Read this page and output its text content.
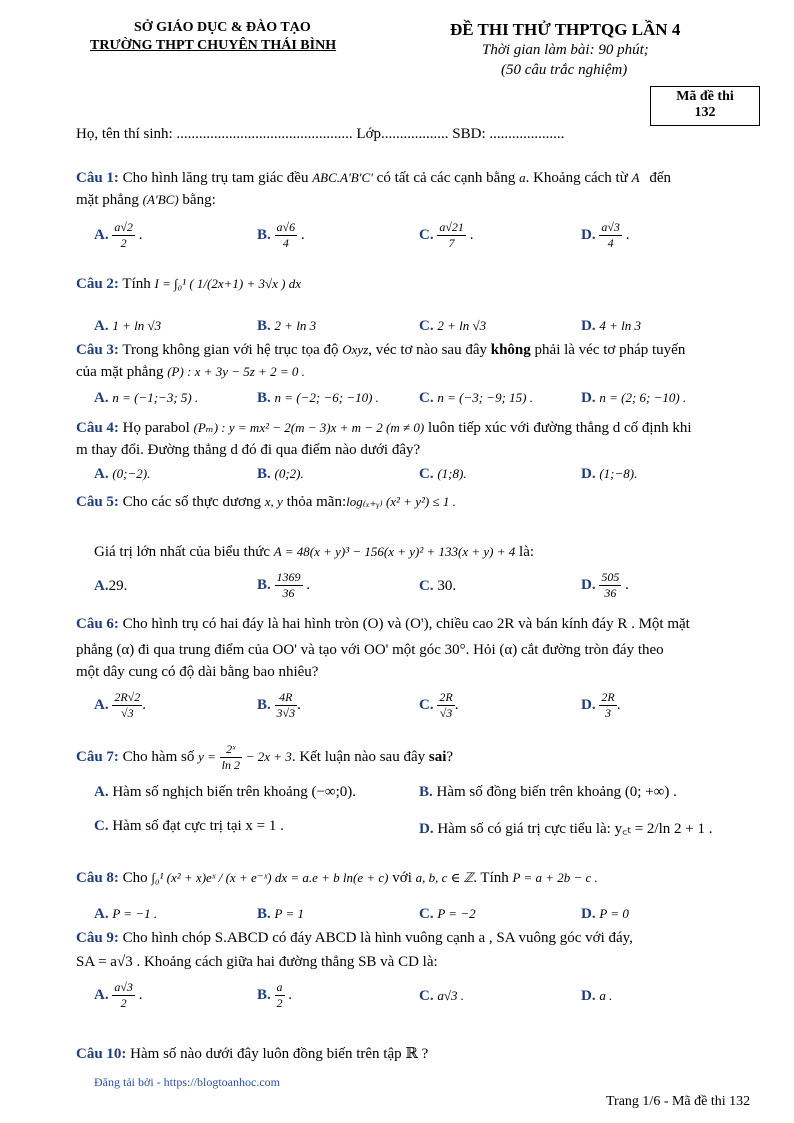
SỞ GIÁO DỤC & ĐÀO TẠO
TRƯỜNG THPT CHUYÊN THÁI BÌNH
ĐỀ THI THỬ THPTQG LẦN 4
Thời gian làm bài: 90 phút;
(50 câu trắc nghiệm)
Mã đề thi
132
Họ, tên thí sinh: ............................................... Lớp.................. SBD: ....................
Câu 1: Cho hình lăng trụ tam giác đều ABC.A'B'C' có tất cả các cạnh bằng a. Khoảng cách từ A đến
mặt phẳng (A'BC) bằng:
A. $\frac{a√2}{2}$ .	B. $\frac{a√6}{4}$ .	C. $\frac{a√21}{7}$ .	D. $\frac{a√3}{4}$ .
Câu 2: Tính I = ∫₀¹ ( 1/(2x+1) + 3√x ) dx
A. 1 + ln √3	B. 2 + ln 3	C. 2 + ln √3	D. 4 + ln 3
Câu 3: Trong không gian với hệ trục tọa độ Oxyz, véc tơ nào sau đây không phải là véc tơ pháp tuyến
của mặt phẳng (P) : x + 3y − 5z + 2 = 0 .
A. n = (−1;−3; 5) .	B. n = (−2; −6; −10) .	C. n = (−3; −9; 15) .	D. n = (2; 6; −10) .
Câu 4: Họ parabol (Pₘ) : y = mx² − 2(m − 3)x + m − 2 (m ≠ 0) luôn tiếp xúc với đường thẳng d cố định khi
m thay đổi. Đường thẳng d đó đi qua điểm nào dưới đây?
A. (0;−2).	B. (0;2).	C. (1;8).	D. (1;−8).
Câu 5: Cho các số thực dương x, y thỏa mãn:log₍ₓ₊ᵧ₎ (x² + y²) ≤ 1 .
Giá trị lớn nhất của biểu thức A = 48(x + y)³ − 156(x + y)² + 133(x + y) + 4 là:
A.29.	B. $\frac{1369}{36}$ .	C. 30.	D. $\frac{505}{36}$ .
Câu 6: Cho hình trụ có hai đáy là hai hình tròn (O) và (O'), chiều cao 2R và bán kính đáy R . Một mặt
phẳng (α) đi qua trung điểm của OO' và tạo với OO' một góc 30°. Hỏi (α) cắt đường tròn đáy theo
một dây cung có độ dài bằng bao nhiêu?
A. $\frac{2R√2}{√3}$ .	B. $\frac{4R}{3√3}$ .	C. $\frac{2R}{√3}$ .	D. $\frac{2R}{3}$ .
Câu 7: Cho hàm số $y = \frac{\text{2ˣ}}{\ln 2} - 2x + 3$. Kết luận nào sau đây sai?
A. Hàm số nghịch biến trên khoảng (−∞;0).	B. Hàm số đồng biến trên khoảng (0; +∞) .
C. Hàm số đạt cực trị tại x = 1 .	D. Hàm số có giá trị cực tiểu là: y꜀ₜ = 2/ln 2 + 1 .
Câu 8: Cho ∫₀¹ (x² + x)eˣ / (x + e⁻ˣ) dx = a.e + b ln(e + c) với a, b, c ∈ ℤ. Tính P = a + 2b − c .
A. P = −1 .	B. P = 1	C. P = −2	D. P = 0
Câu 9: Cho hình chóp S.ABCD có đáy ABCD là hình vuông cạnh a , SA vuông góc với đáy,
SA = a√3 . Khoảng cách giữa hai đường thẳng SB và CD là:
A. $\frac{a√3}{2}$ .	B. $\frac{a}{2}$ .	C. a√3 .	D. a .
Câu 10: Hàm số nào dưới đây luôn đồng biến trên tập ℝ ?
Đăng tải bởi - https://blogtoanhoc.com
Trang 1/6 - Mã đề thi 132
